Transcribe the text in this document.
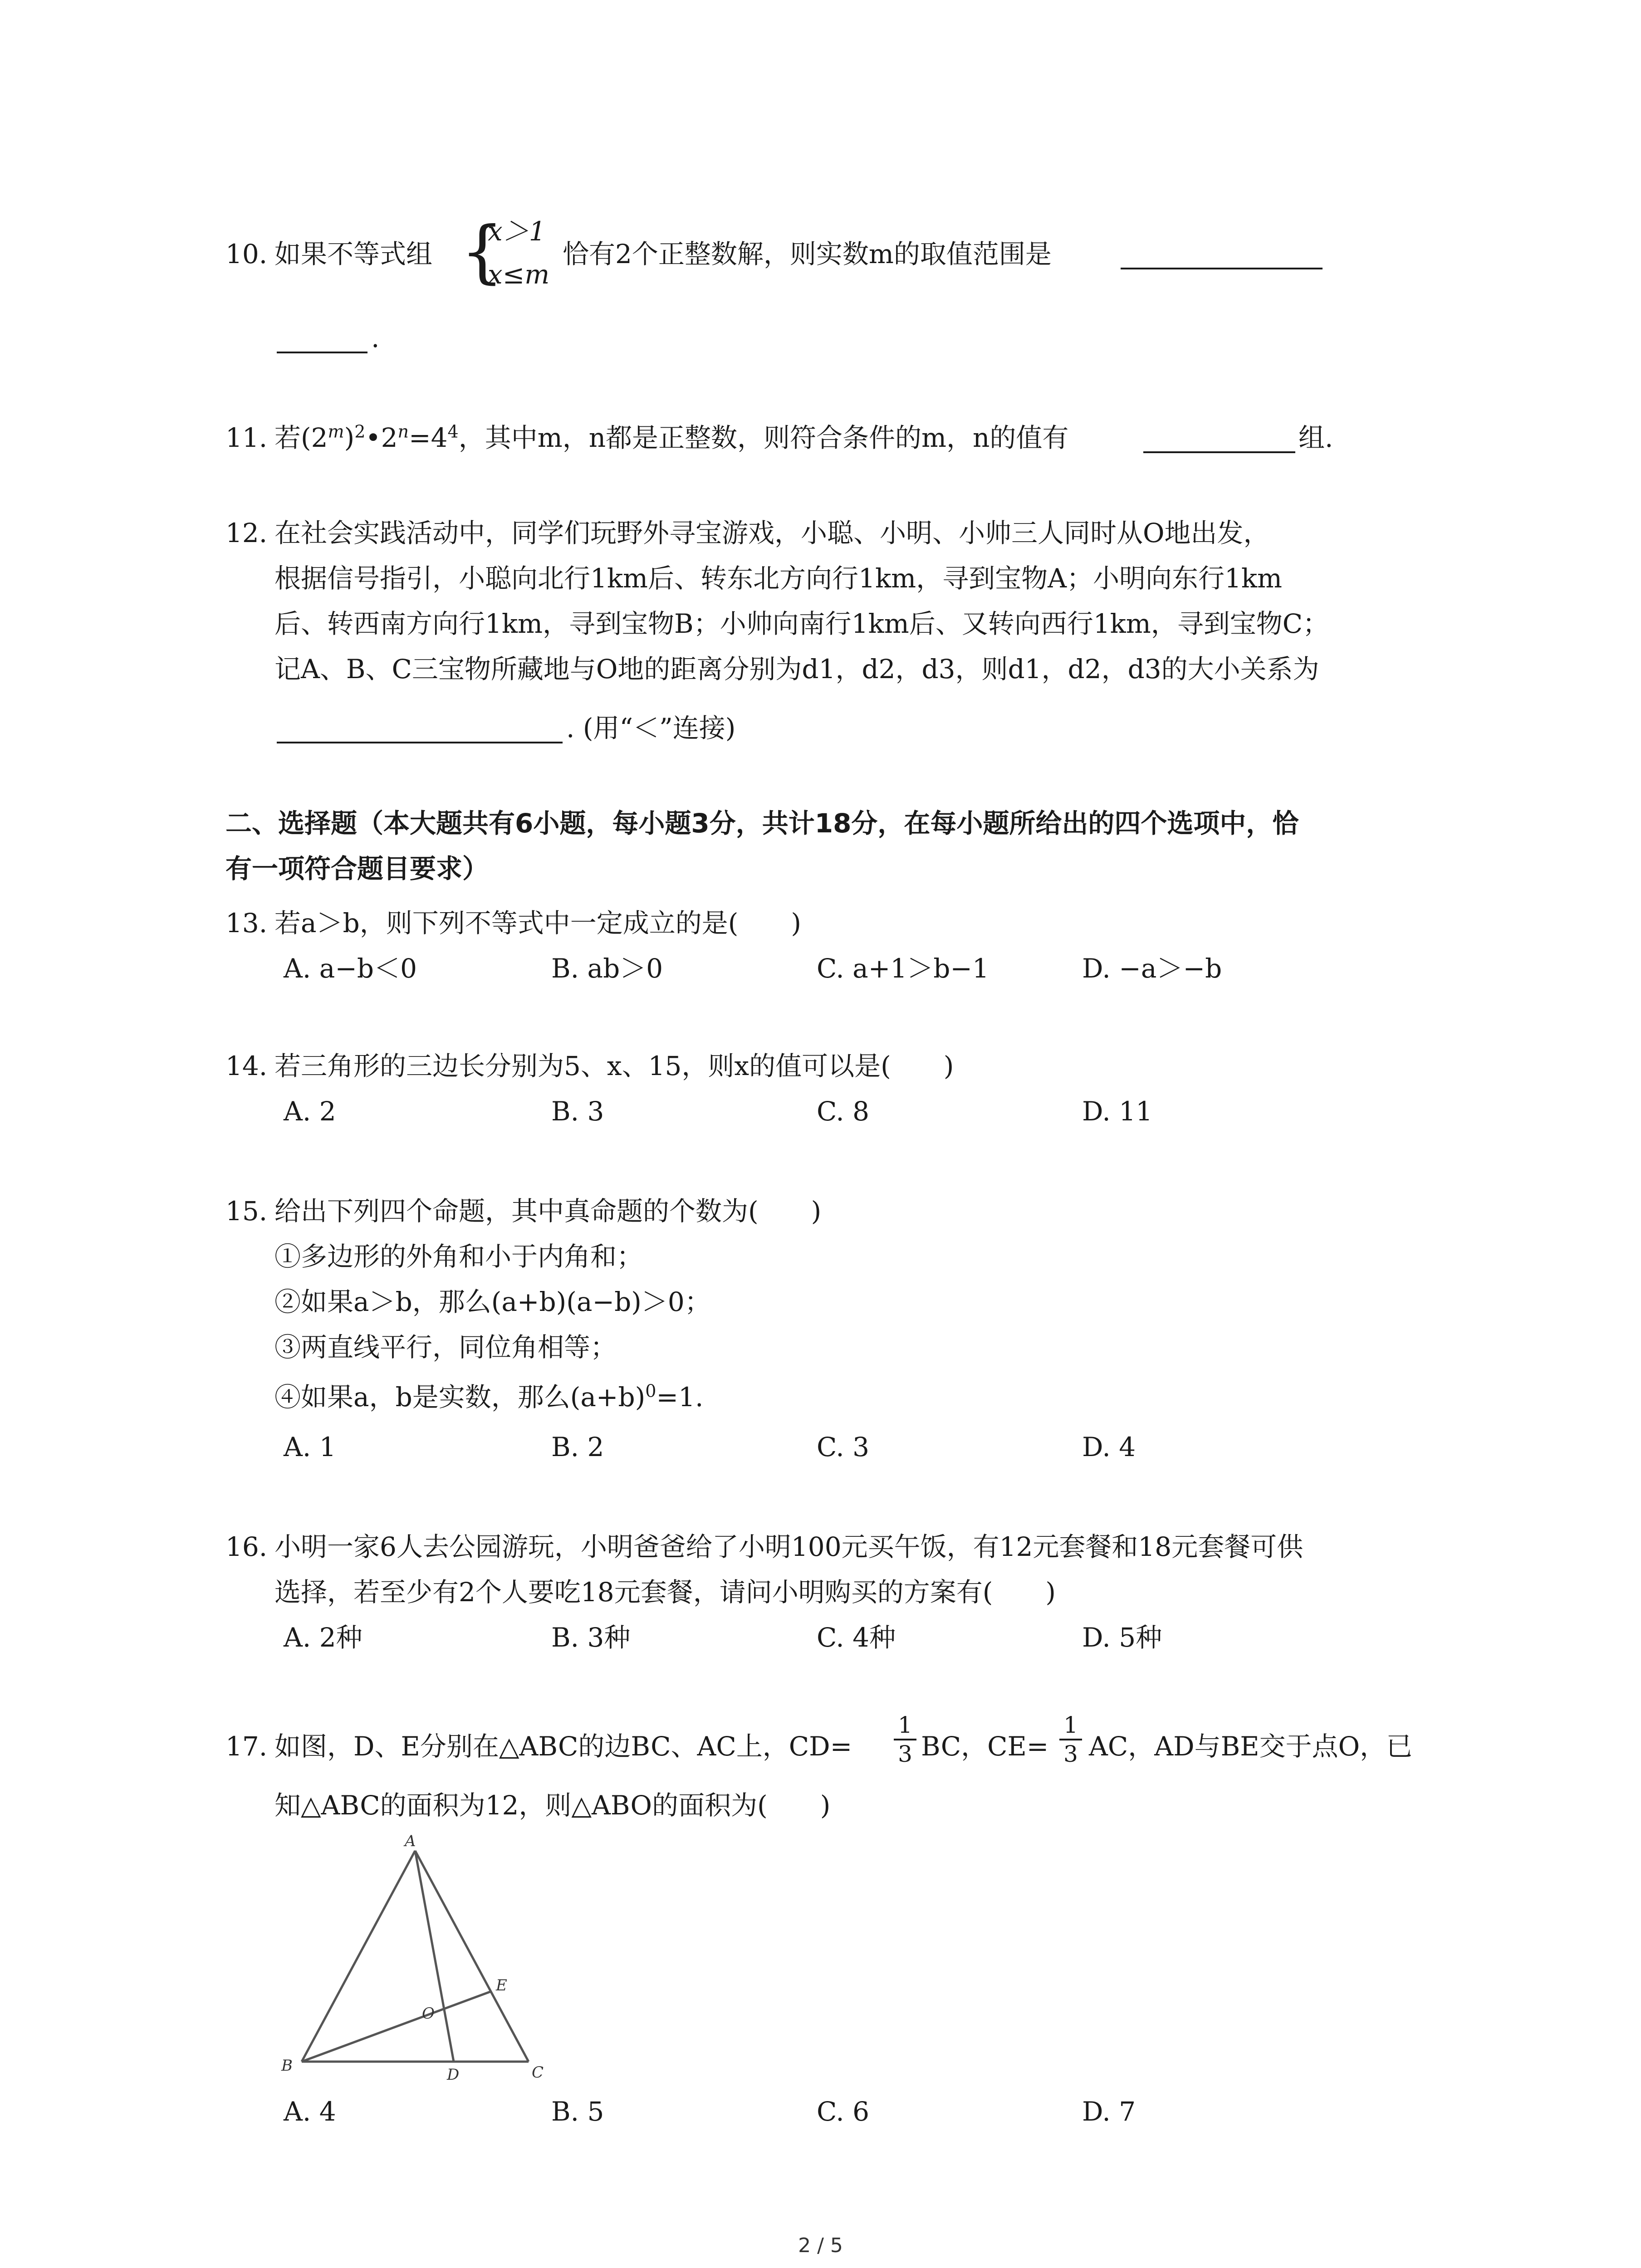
10. 如果不等式组 {
x＞1
x≤m
恰有2个正整数解，则实数m的取值范围是
.
11. 若$(2^m)^2•2^n=4^4$，其中m，n都是正整数，则符合条件的m，n的值有	组.
12. 在社会实践活动中，同学们玩野外寻宝游戏，小聪、小明、小帅三人同时从O地出发，
根据信号指引，小聪向北行1km后、转东北方向行1km，寻到宝物A；小明向东行1km
后、转西南方向行1km，寻到宝物B；小帅向南行1km后、又转向西行1km，寻到宝物C；
记A、B、C三宝物所藏地与O地的距离分别为d1，d2，d3，则d1，d2，d3的大小关系为
. (用“＜”连接)
二、选择题（本大题共有6小题，每小题3分，共计18分，在每小题所给出的四个选项中，恰
有一项符合题目要求）
13. 若a＞b，则下列不等式中一定成立的是(　　)
A. a−b＜0	B. ab＞0	C. a+1＞b−1	D. −a＞−b
14. 若三角形的三边长分别为5、x、15，则x的值可以是(　　)
A. 2	B. 3	C. 8	D. 11
15. 给出下列四个命题，其中真命题的个数为(　　)
①多边形的外角和小于内角和；
②如果a＞b，那么(a+b)(a−b)＞0；
③两直线平行，同位角相等；
④如果a，b是实数，那么$(a+b)^0=1$.
A. 1	B. 2	C. 3	D. 4
16. 小明一家6人去公园游玩，小明爸爸给了小明100元买午饭，有12元套餐和18元套餐可供
选择，若至少有2个人要吃18元套餐，请问小明购买的方案有(　　)
A. 2种	B. 3种	C. 4种	D. 5种
17. 如图，D、E分别在△ABC的边BC、AC上，CD=	BC，CE= AC，AD与BE交于点O，已
1
3
1
3
知△ABC的面积为12，则△ABO的面积为(　　)
A
B	C
D
E
O
A. 4	B. 5	C. 6	D. 7
2 / 5
